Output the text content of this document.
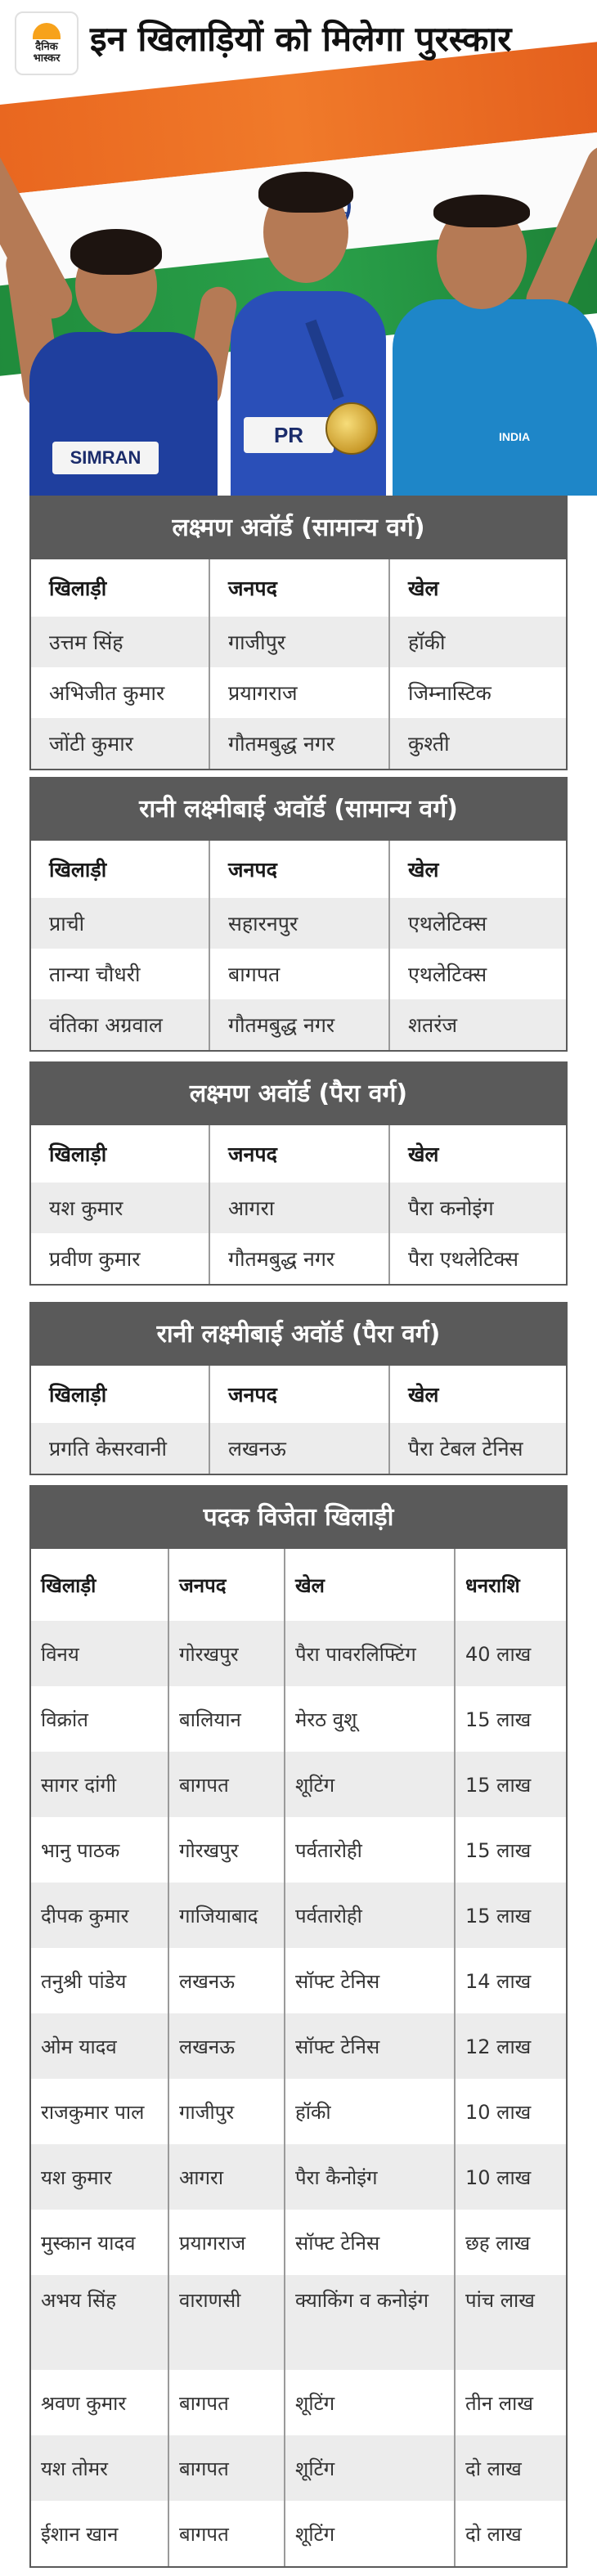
दैनिक
भास्कर इन खिलाड़ियों को मिलेगा पुरस्कार
SIMRAN
PR	INDIA
लक्ष्मण अवॉर्ड (सामान्य वर्ग)
खिलाड़ी	जनपद	खेल
उत्तम सिंह	गाजीपुर	हॉकी
अभिजीत कुमार	प्रयागराज	जिम्नास्टिक
जोंटी कुमार	गौतमबुद्ध नगर	कुश्ती
रानी लक्ष्मीबाई अवॉर्ड (सामान्य वर्ग)
खिलाड़ी	जनपद	खेल
प्राची	सहारनपुर	एथलेटिक्स
तान्या चौधरी	बागपत	एथलेटिक्स
वंतिका अग्रवाल	गौतमबुद्ध नगर	शतरंज
लक्ष्मण अवॉर्ड (पैरा वर्ग)
खिलाड़ी	जनपद	खेल
यश कुमार	आगरा	पैरा कनोइंग
प्रवीण कुमार	गौतमबुद्ध नगर	पैरा एथलेटिक्स
रानी लक्ष्मीबाई अवॉर्ड (पैरा वर्ग)
खिलाड़ी	जनपद	खेल
प्रगति केसरवानी	लखनऊ	पैरा टेबल टेनिस
पदक विजेता खिलाड़ी
खिलाड़ी	जनपद	खेल	धनराशि
विनय	गोरखपुर	पैरा पावरलिफ्टिंग	40 लाख
विक्रांत	बालियान	मेरठ वुशू	15 लाख
सागर दांगी	बागपत	शूटिंग	15 लाख
भानु पाठक	गोरखपुर	पर्वतारोही	15 लाख
दीपक कुमार	गाजियाबाद	पर्वतारोही	15 लाख
तनुश्री पांडेय	लखनऊ	सॉफ्ट टेनिस	14 लाख
ओम यादव	लखनऊ	सॉफ्ट टेनिस	12 लाख
राजकुमार पाल	गाजीपुर	हॉकी	10 लाख
यश कुमार	आगरा	पैरा कैनोइंग	10 लाख
मुस्कान यादव	प्रयागराज	सॉफ्ट टेनिस	छह लाख
अभय सिंह	वाराणसी	क्याकिंग व कनोइंग	पांच लाख
श्रवण कुमार	बागपत	शूटिंग	तीन लाख
यश तोमर	बागपत	शूटिंग	दो लाख
ईशान खान	बागपत	शूटिंग	दो लाख
